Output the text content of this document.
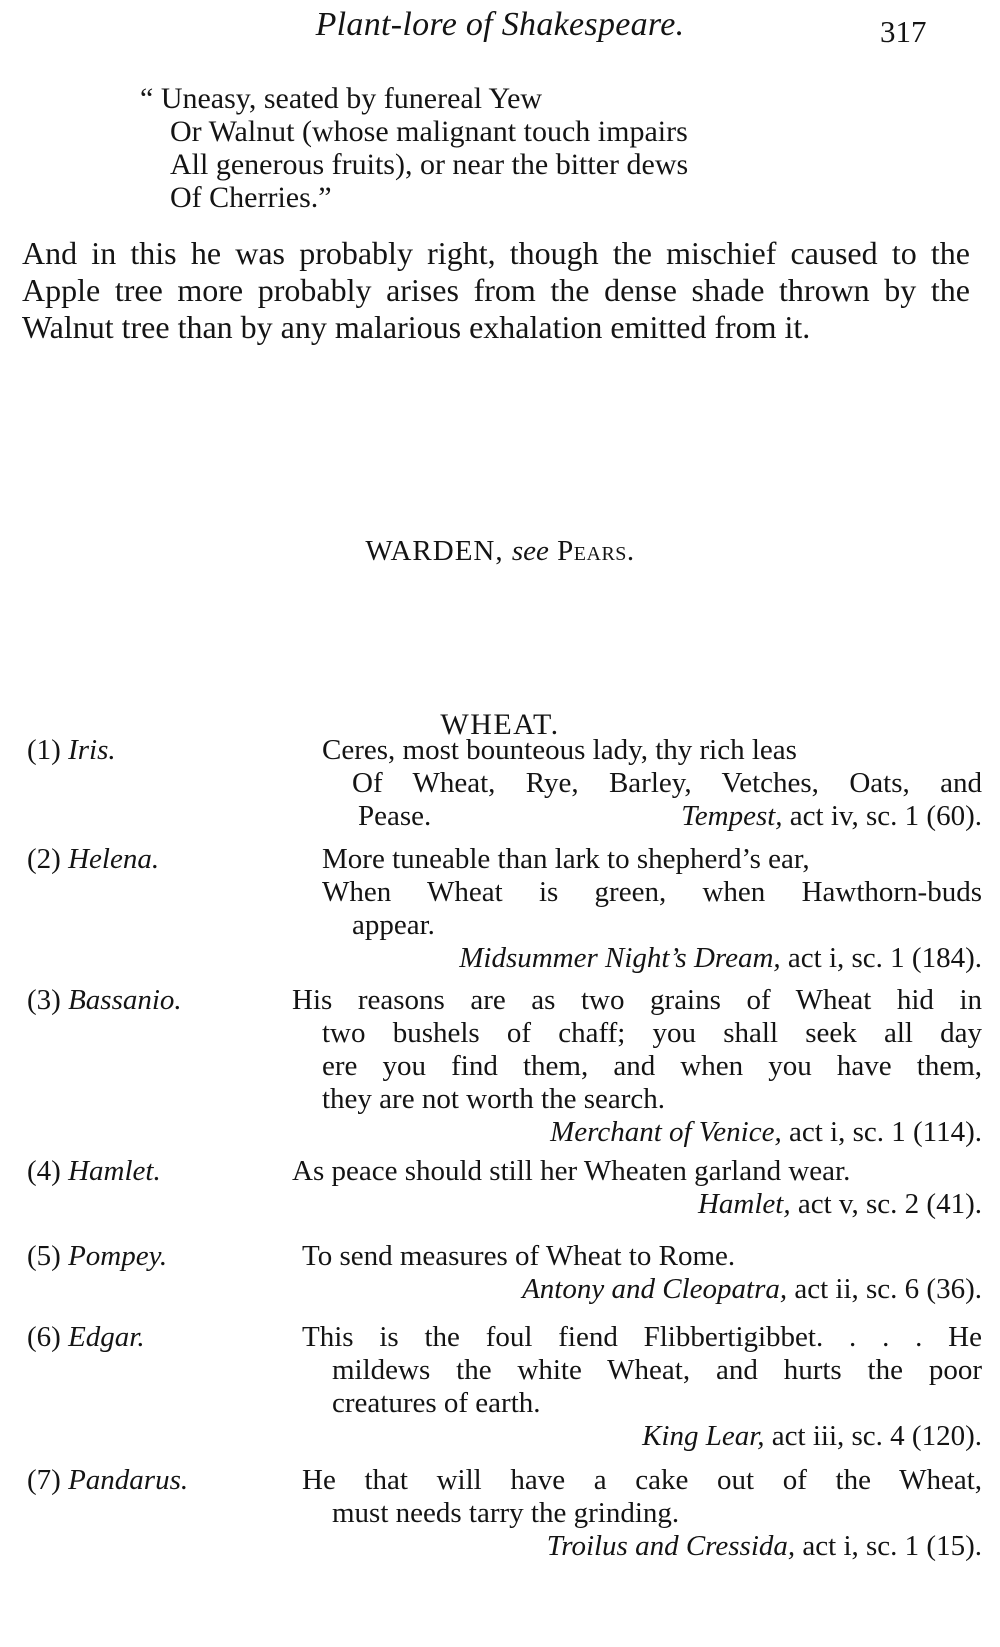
Plant-lore of Shakespeare.	317
“ Uneasy, seated by funereal Yew
Or Walnut (whose malignant touch impairs
All generous fruits), or near the bitter dews
Of Cherries.”
And in this he was probably right, though the mischief caused to the Apple tree more probably arises from the dense shade thrown by the Walnut tree than by any malarious exhalation emitted from it.
WARDEN, see Pears.
WHEAT.
(1) Iris.	Ceres, most bounteous lady, thy rich leas
Of Wheat, Rye, Barley, Vetches, Oats, and
Pease.	Tempest, act iv, sc. 1 (60).
(2) Helena.	More tuneable than lark to shepherd’s ear,
When Wheat is green, when Hawthorn-buds
appear.
Midsummer Night’s Dream, act i, sc. 1 (184).
(3) Bassanio.	His reasons are as two grains of Wheat hid in
two bushels of chaff; you shall seek all day
ere you find them, and when you have them,
they are not worth the search.
Merchant of Venice, act i, sc. 1 (114).
(4) Hamlet.	As peace should still her Wheaten garland wear.
Hamlet, act v, sc. 2 (41).
(5) Pompey.	To send measures of Wheat to Rome.
Antony and Cleopatra, act ii, sc. 6 (36).
(6) Edgar.	This is the foul fiend Flibbertigibbet. . . . He
mildews the white Wheat, and hurts the poor
creatures of earth.
King Lear, act iii, sc. 4 (120).
(7) Pandarus.	He that will have a cake out of the Wheat,
must needs tarry the grinding.
Troilus and Cressida, act i, sc. 1 (15).
